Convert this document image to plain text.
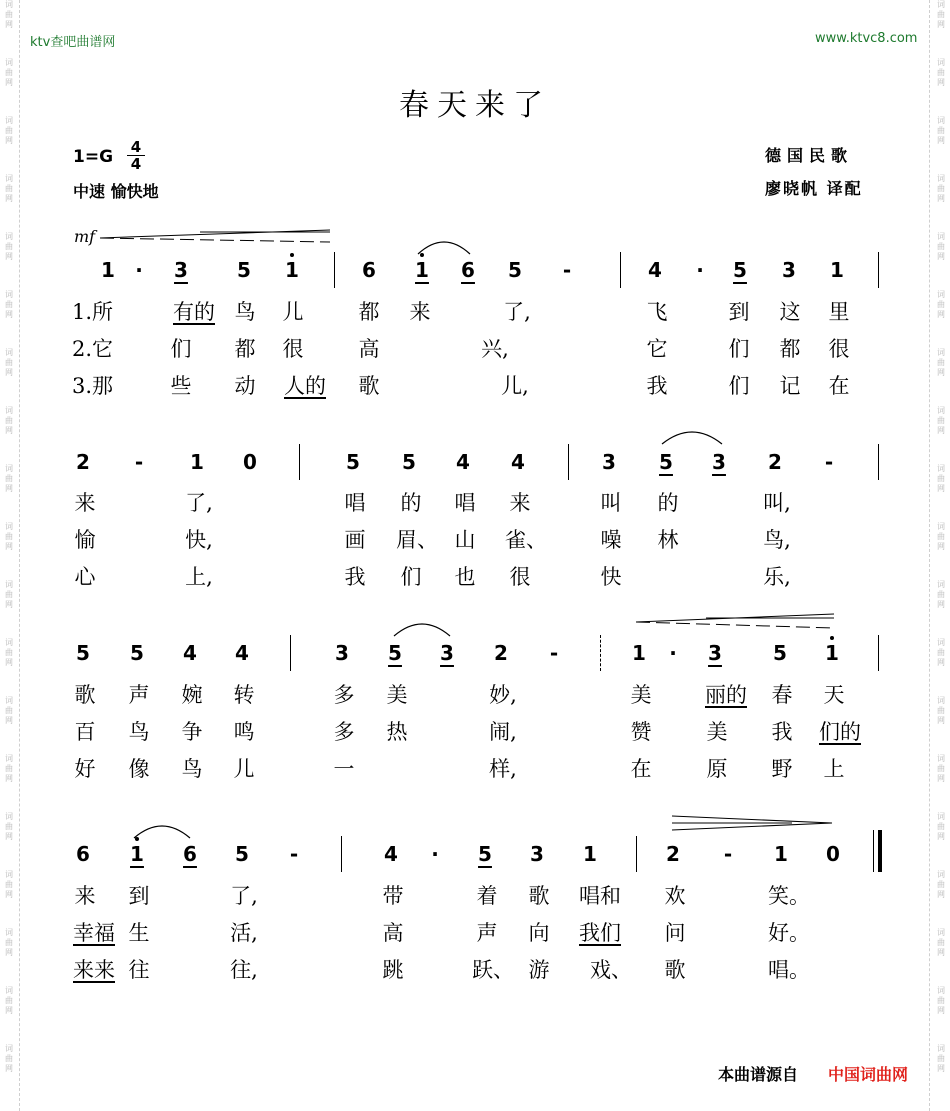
词
曲
网
词
曲
网
词
曲
网
词
曲
网
词
曲
网
词
曲
网
词
曲
网
词
曲
网
词
曲
网
词
曲
网
词
曲
网
词
曲
网
词
曲
网
词
曲
网
词
曲
网
词
曲
网
词
曲
网
词
曲
网
词
曲
网
词
曲
网
词
曲
网
词
曲
网
词
曲
网
词
曲
网
词
曲
网
词
曲
网
词
曲
网
词
曲
网
词
曲
网
词
曲
网
词
曲
网
词
曲
网
词
曲
网
词
曲
网
词
曲
网
词
曲
网
词
曲
网
词
曲
网
ktv查吧曲谱网	www.ktvc8.com
春天来了
1=G 4
4
中速 愉快地
德国民歌
廖晓帆 译配
mf
1	·	3	5	1	6	1	6	5	-	4	·	5	3	1
1.所	有的 鸟 儿	都 来	了,	飞	到 这 里
2.它	们 都 很	高	兴,	它	们 都 很
3.那	些 动	人的	歌	儿,	我	们 记 在
2	-	1	0	5	5	4	4	3	5	3	2	-
来	了,	唱 的 唱 来	叫 的	叫,
愉	快,	画 眉、 山 雀、	噪 林	鸟,
心	上,	我 们 也 很	快	乐,
5	5	4	4	3	5	3	2	-	1	·	3	5	1
歌 声 婉 转	多 美	妙,	美	丽的	春 天
百 鸟 争 鸣	多 热	闹,	赞	美 我	们的
好 像 鸟 儿	一	样,	在	原 野 上
6	1	6	5	-	4	·	5	3	1	2	-	1	0
来 到	了,	带	着 歌	唱和	欢	笑。
幸福 生	活,	高	声 向	我们	问	好。
来来 往	往,	跳	跃、 游 戏、 歌	唱。
本曲谱源自 中国词曲网
